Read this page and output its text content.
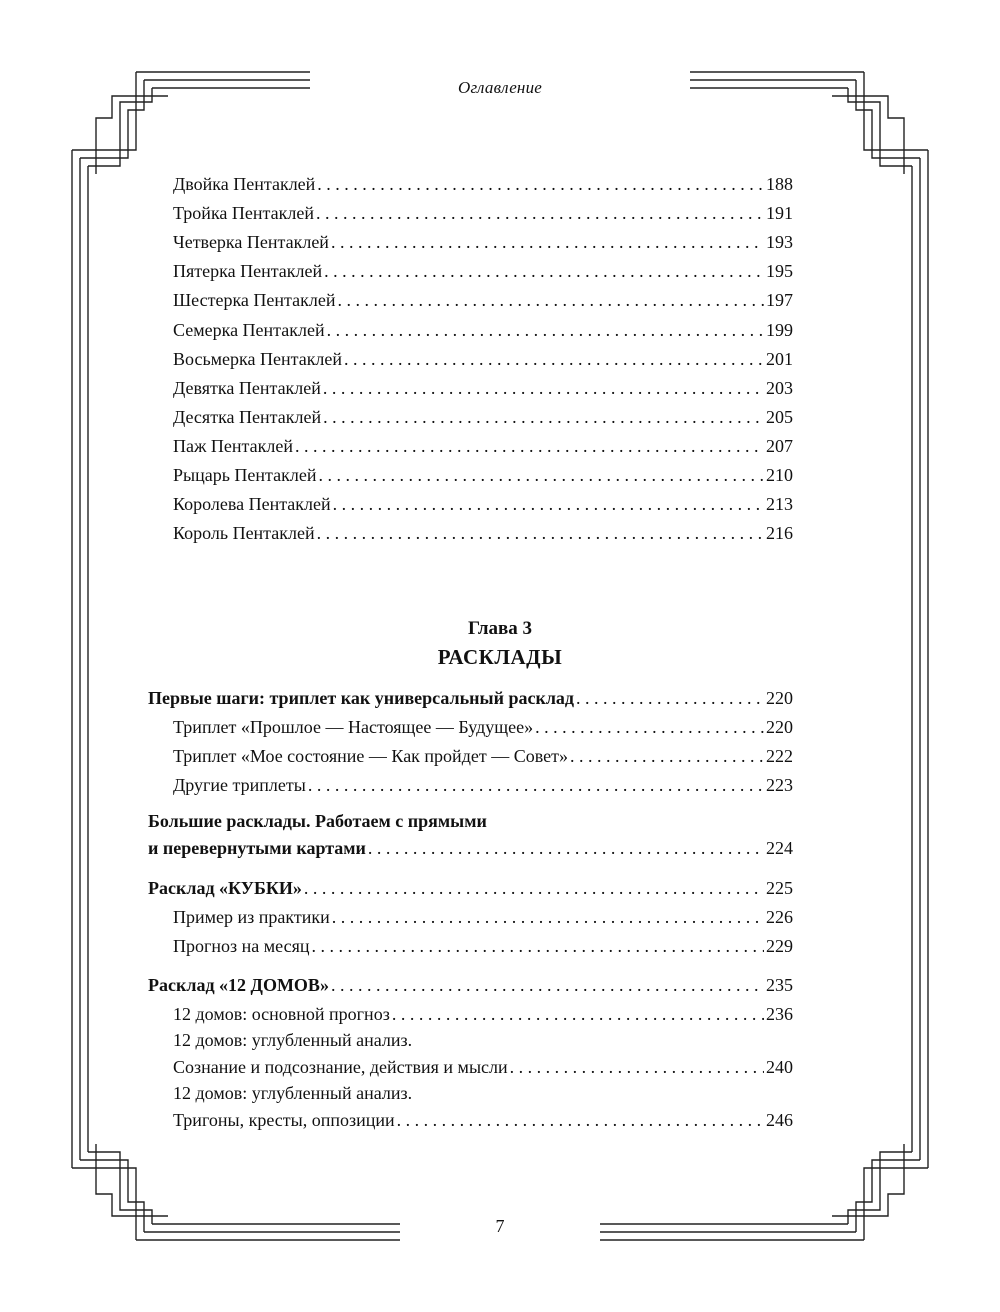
Оглавление
Двойка Пентаклей . . .	188
Тройка Пентаклей . . .	191
Четверка Пентаклей . . .	193
Пятерка Пентаклей . . .	195
Шестерка Пентаклей . . .	197
Семерка Пентаклей . . .	199
Восьмерка Пентаклей . . .	201
Девятка Пентаклей . . .	203
Десятка Пентаклей . . .	205
Паж Пентаклей . . .	207
Рыцарь Пентаклей . . .	210
Королева Пентаклей . . .	213
Король Пентаклей . . .	216
Глава 3
РАСКЛАДЫ
Первые шаги: триплет как универсальный расклад . . .	220
Триплет «Прошлое — Настоящее — Будущее» . . .	220
Триплет «Мое состояние — Как пройдет — Совет» . . .	222
Другие триплеты . . .	223
Большие расклады. Работаем с прямыми
и перевернутыми картами . . .	224
Расклад «КУБКИ» . . .	225
Пример из практики . . .	226
Прогноз на месяц . . .	229
Расклад «12 ДОМОВ» . . .	235
12 домов: основной прогноз . . .	236
12 домов: углубленный анализ.
Сознание и подсознание, действия и мысли . . .	240
12 домов: углубленный анализ.
Тригоны, кресты, оппозиции . . .	246
7
